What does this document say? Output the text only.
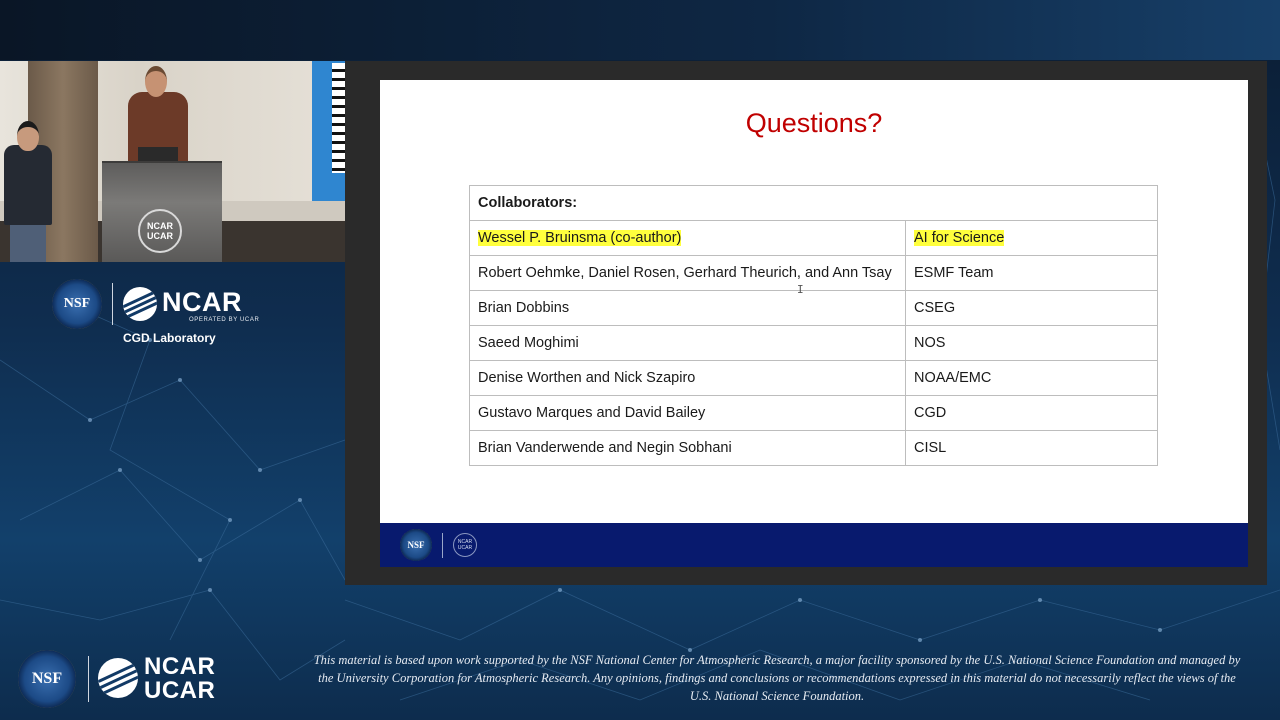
NCAR
UCAR
NSF	NCAR
OPERATED BY UCAR
CGD Laboratory
Questions?
Collaborators:	
Wessel P. Bruinsma (co-author)	AI for Science
Robert Oehmke, Daniel Rosen, Gerhard Theurich, and Ann Tsay	ESMF Team
Brian Dobbins	CSEG
Saeed Moghimi	NOS
Denise Worthen and Nick Szapiro	NOAA/EMC
Gustavo Marques and David Bailey	CGD
Brian Vanderwende and Negin Sobhani	CISL
NSF	NCAR
UCAR
I
NSF	NCAR
UCAR
This material is based upon work supported by the NSF National Center for Atmospheric Research, a major facility sponsored by the U.S. National Science Foundation and managed by the University Corporation for Atmospheric Research. Any opinions, findings and conclusions or recommendations expressed in this material do not necessarily reflect the views of the U.S. National Science Foundation.
